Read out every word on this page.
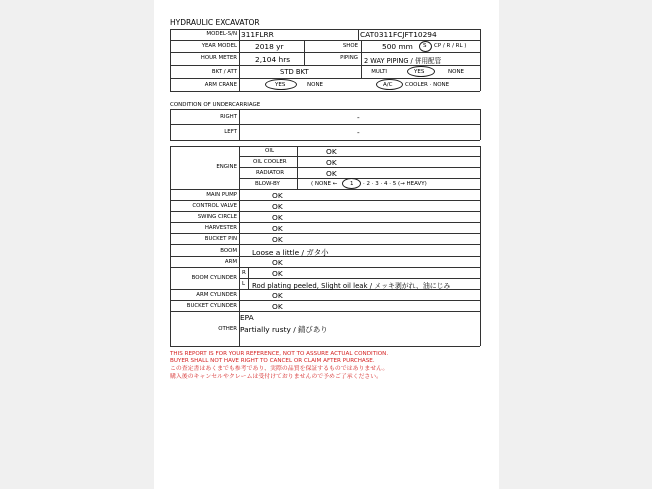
HYDRAULIC EXCAVATOR
MODEL-S/N 311FLRR	CAT0311FCJFT10294
YEAR MODEL 2018 yr	SHOE	500 mm S CP / R / RL )
HOUR METER 2,104 hrs	PIPING 2 WAY PIPING / 併用配管
BKT / ATT	STD BKT	MULTI	YES	NONE
ARM CRANE	YES	NONE	A/C COOLER · NONE
CONDITION OF UNDERCARRIAGE
RIGHT	-
LEFT	-
ENGINE
OIL	OK
OIL COOLER	OK
RADIATOR	OK
BLOW-BY	( NONE ← 1 · 2 · 3 · 4 · 5 (→ HEAVY)
MAIN PUMP	OK
CONTROL VALVE	OK
SWING CIRCLE	OK
HARVESTER	OK
BUCKET PIN	OK
BOOM Loose a little / ガタ小
ARM	OK
BOOM CYLINDER
R	OK
L Rod plating peeled, Slight oil leak / メッキ剥がれ、油にじみ
ARM CYLINDER	OK
BUCKET CYLINDER	OK
OTHER
EPA
Partially rusty / 錆びあり
THIS REPORT IS FOR YOUR REFERENCE, NOT TO ASSURE ACTUAL CONDITION.
BUYER SHALL NOT HAVE RIGHT TO CANCEL OR CLAIM AFTER PURCHASE.
この査定書はあくまでも参考であり、実際の品質を保証するものではありません。
購入後のキャンセルやクレームは受付けておりませんので予めご了承ください。
